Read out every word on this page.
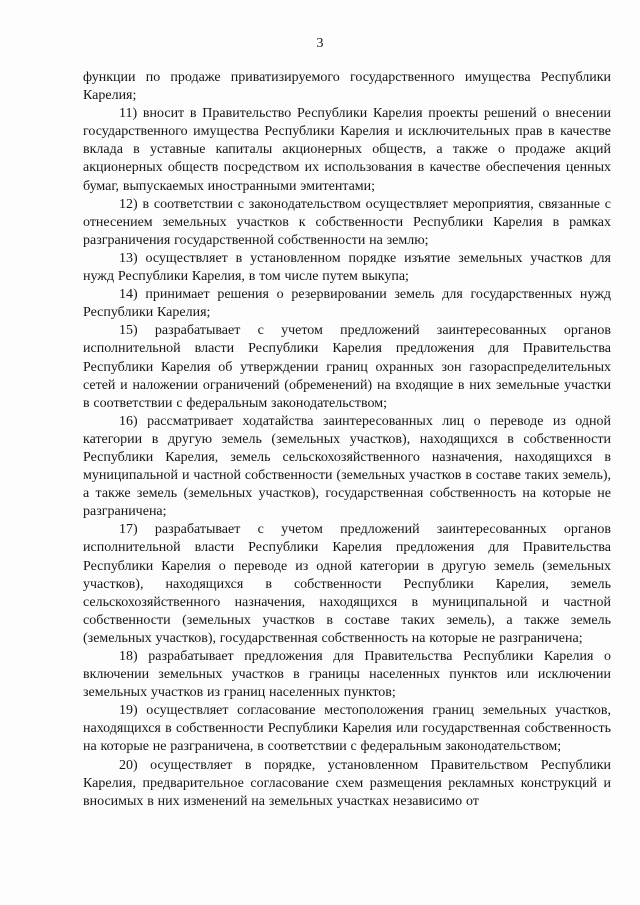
3

функции по продаже приватизируемого государственного имущества Республики Карелия;

11) вносит в Правительство Республики Карелия проекты решений о внесении государственного имущества Республики Карелия и исключительных прав в качестве вклада в уставные капиталы акционерных обществ, а также о продаже акций акционерных обществ посредством их использования в качестве обеспечения ценных бумаг, выпускаемых иностранными эмитентами;

12) в соответствии с законодательством осуществляет мероприятия, связанные с отнесением земельных участков к собственности Республики Карелия в рамках разграничения государственной собственности на землю;

13) осуществляет в установленном порядке изъятие земельных участков для нужд Республики Карелия, в том числе путем выкупа;

14) принимает решения о резервировании земель для государственных нужд Республики Карелия;

15) разрабатывает с учетом предложений заинтересованных органов исполнительной власти Республики Карелия предложения для Правительства Республики Карелия об утверждении границ охранных зон газораспределительных сетей и наложении ограничений (обременений) на входящие в них земельные участки в соответствии с федеральным законодательством;

16) рассматривает ходатайства заинтересованных лиц о переводе из одной категории в другую земель (земельных участков), находящихся в собственности Республики Карелия, земель сельскохозяйственного назначения, находящихся в муниципальной и частной собственности (земельных участков в составе таких земель), а также земель (земельных участков), государственная собственность на которые не разграничена;

17) разрабатывает с учетом предложений заинтересованных органов исполнительной власти Республики Карелия предложения для Правительства Республики Карелия о переводе из одной категории в другую земель (земельных участков), находящихся в собственности Республики Карелия, земель сельскохозяйственного назначения, находящихся в муниципальной и частной собственности (земельных участков в составе таких земель), а также земель (земельных участков), государственная собственность на которые не разграничена;

18) разрабатывает предложения для Правительства Республики Карелия о включении земельных участков в границы населенных пунктов или исключении земельных участков из границ населенных пунктов;

19) осуществляет согласование местоположения границ земельных участков, находящихся в собственности Республики Карелия или государственная собственность на которые не разграничена, в соответствии с федеральным законодательством;

20) осуществляет в порядке, установленном Правительством Республики Карелия, предварительное согласование схем размещения рекламных конструкций и вносимых в них изменений на земельных участках независимо от
